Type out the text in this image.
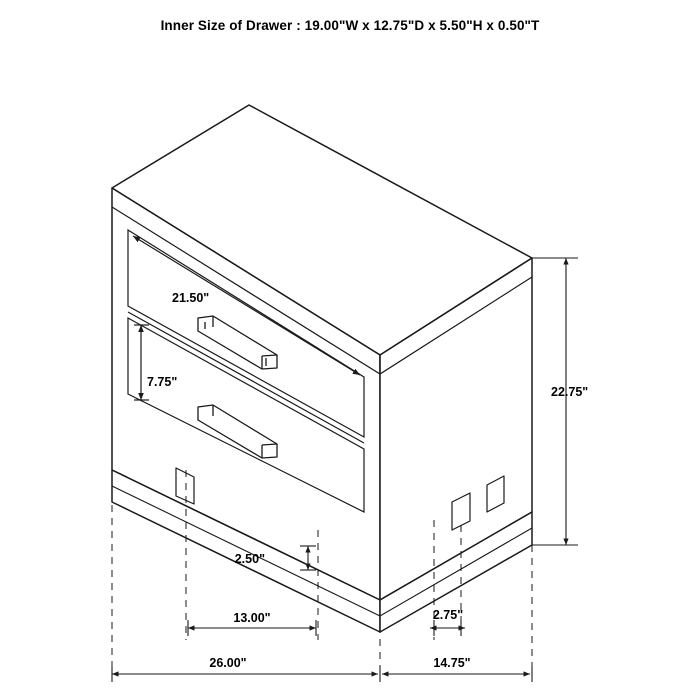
Inner Size of Drawer : 19.00"W x 12.75"D x 5.50"H x 0.50"T
21.50"
7.75"
22.75"
2.50"
13.00"	2.75"
26.00"	14.75"
